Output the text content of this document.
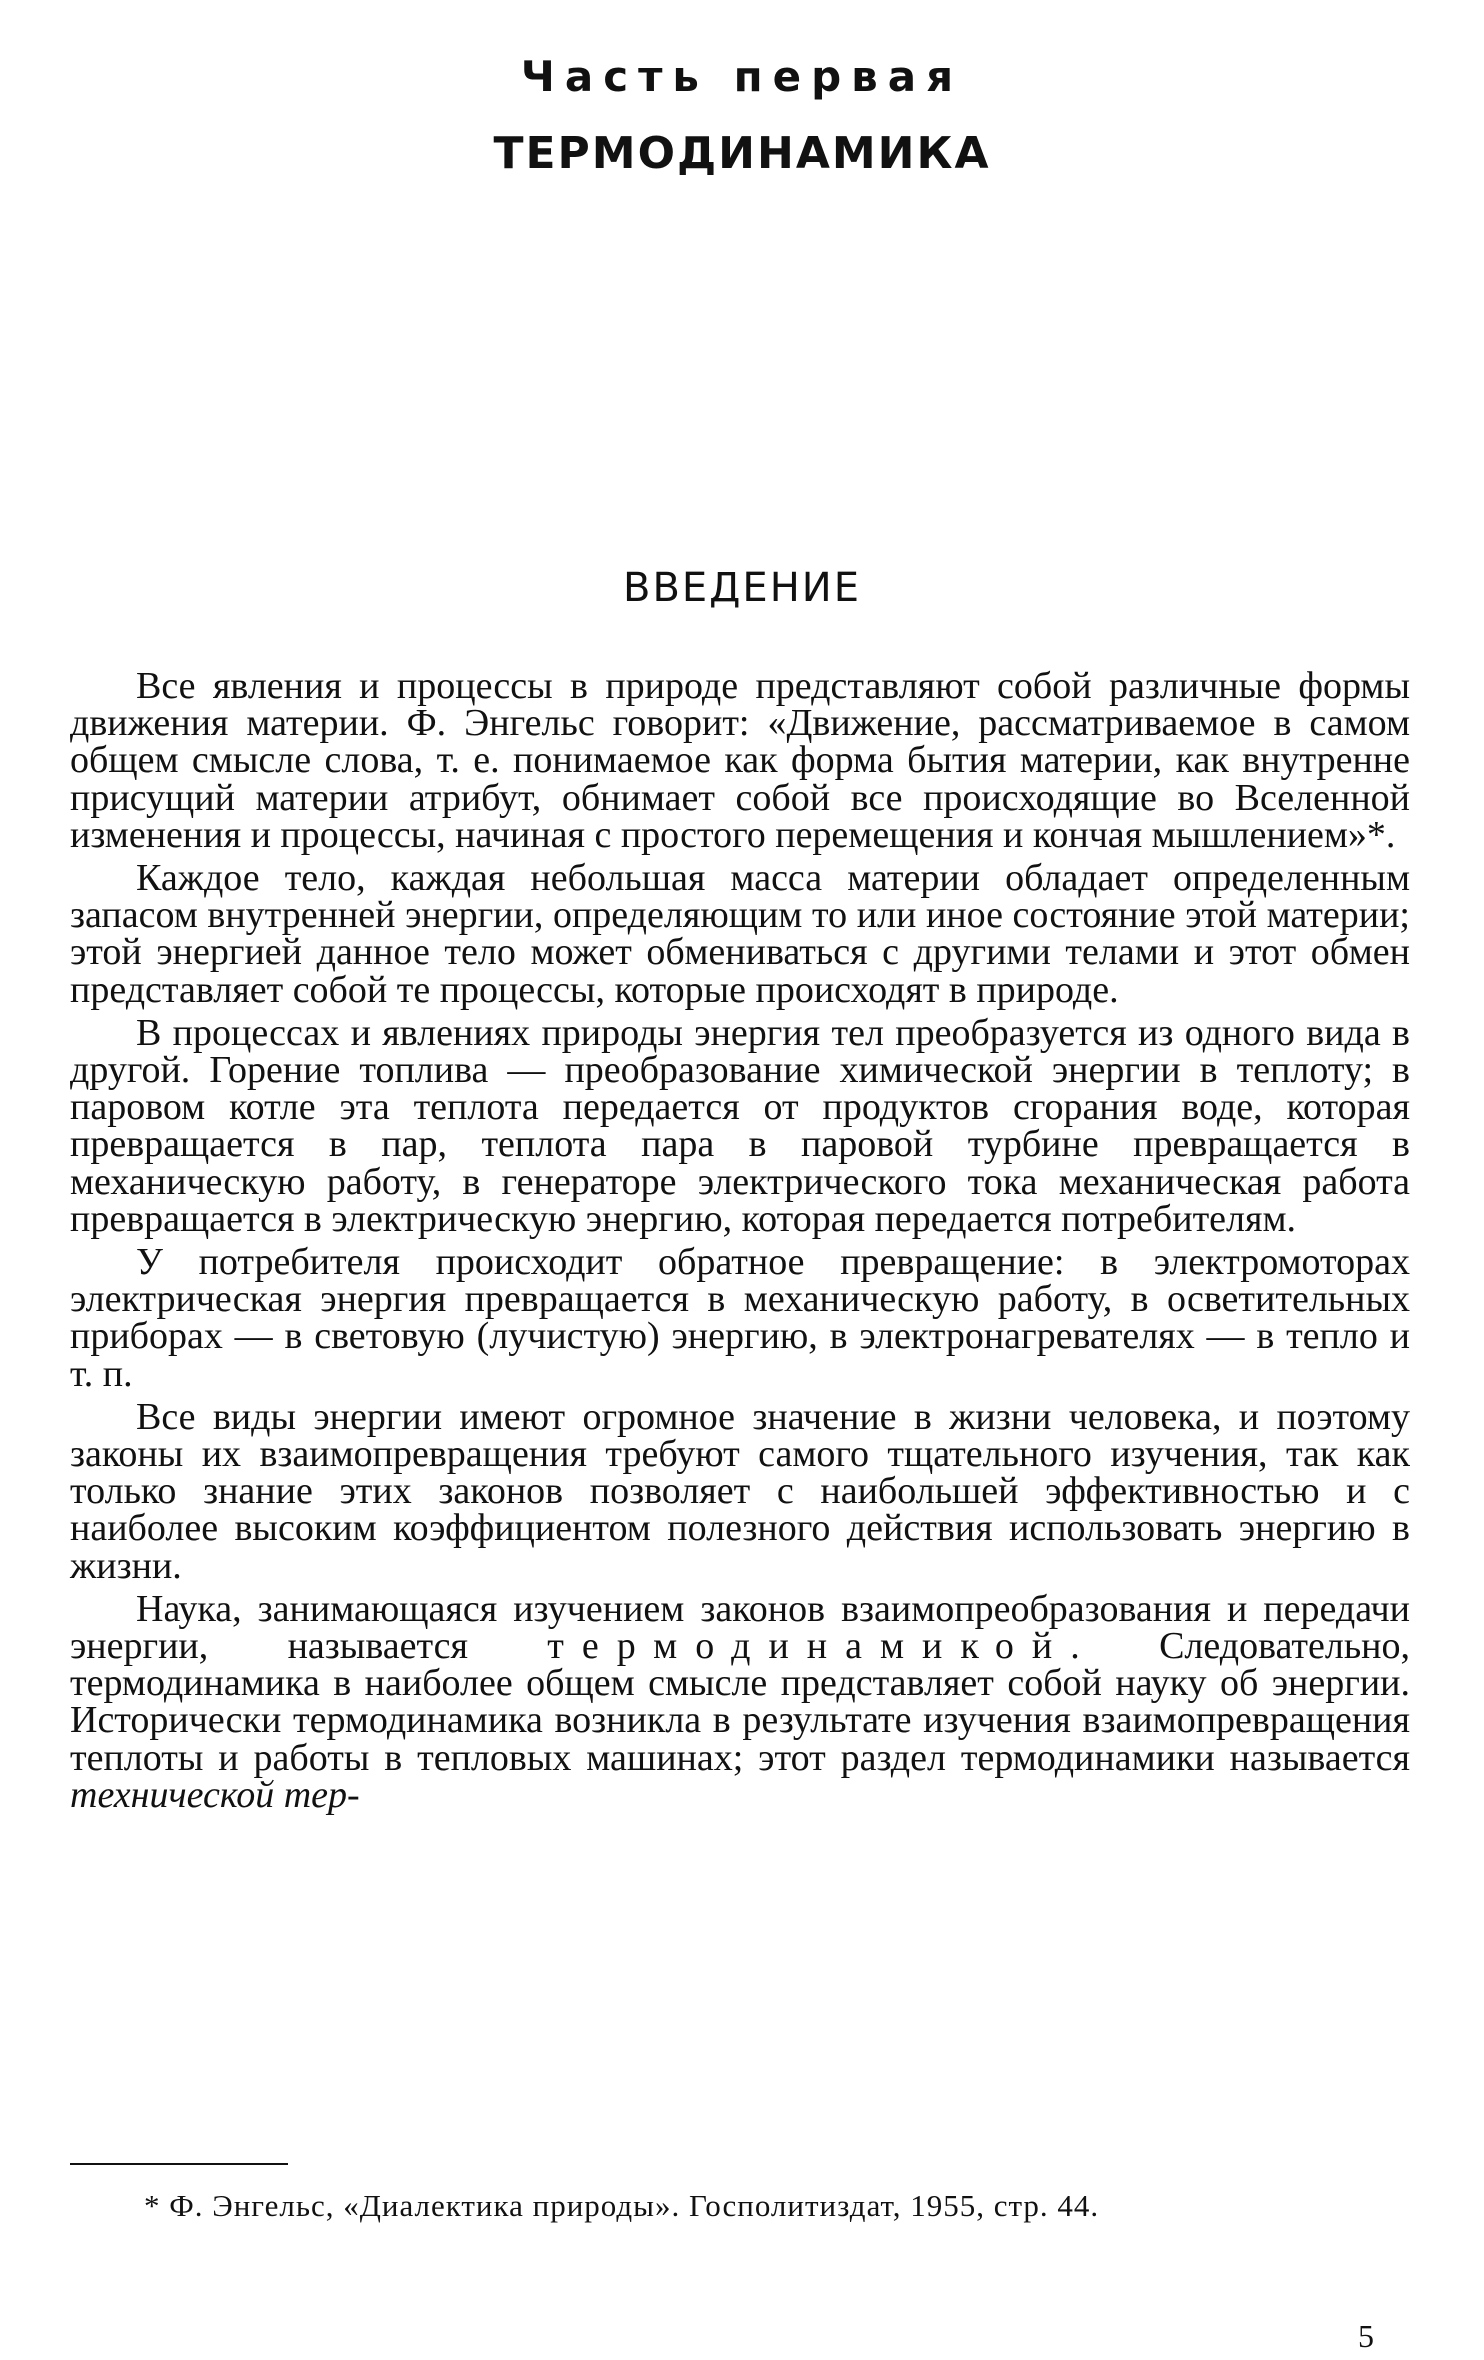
Часть первая
ТЕРМОДИНАМИКА
ВВЕДЕНИЕ

Все явления и процессы в природе представляют собой различные формы движения материи. Ф. Энгельс говорит: «Движение, рассматриваемое в самом общем смысле слова, т. е. понимаемое как форма бытия материи, как внутренне присущий материи атрибут, обнимает собой все происходящие во Вселенной изменения и процессы, начиная с простого перемещения и кончая мышлением»*.

Каждое тело, каждая небольшая масса материи обладает определенным запасом внутренней энергии, определяющим то или иное состояние этой материи; этой энергией данное тело может обмениваться с другими телами и этот обмен представляет собой те процессы, которые происходят в природе.

В процессах и явлениях природы энергия тел преобразуется из одного вида в другой. Горение топлива — преобразование химической энергии в теплоту; в паровом котле эта теплота передается от продуктов сгорания воде, которая превращается в пар, теплота пара в паровой турбине превращается в механическую работу, в генераторе электрического тока механическая работа превращается в электрическую энергию, которая передается потребителям.

У потребителя происходит обратное превращение: в электромоторах электрическая энергия превращается в механическую работу, в осветительных приборах — в световую (лучистую) энергию, в электронагревателях — в тепло и т. п.

Все виды энергии имеют огромное значение в жизни человека, и поэтому законы их взаимопревращения требуют самого тщательного изучения, так как только знание этих законов позволяет с наибольшей эффективностью и с наиболее высоким коэффициентом полезного действия использовать энергию в жизни.

Наука, занимающаяся изучением законов взаимопреобразования и передачи энергии, называется термодинамикой. Следовательно, термодинамика в наиболее общем смысле представляет собой науку об энергии. Исторически термодинамика возникла в результате изучения взаимопревращения теплоты и работы в тепловых машинах; этот раздел термодинамики называется технической тер-

* Ф. Энгельс, «Диалектика природы». Госполитиздат, 1955, стр. 44.
5
